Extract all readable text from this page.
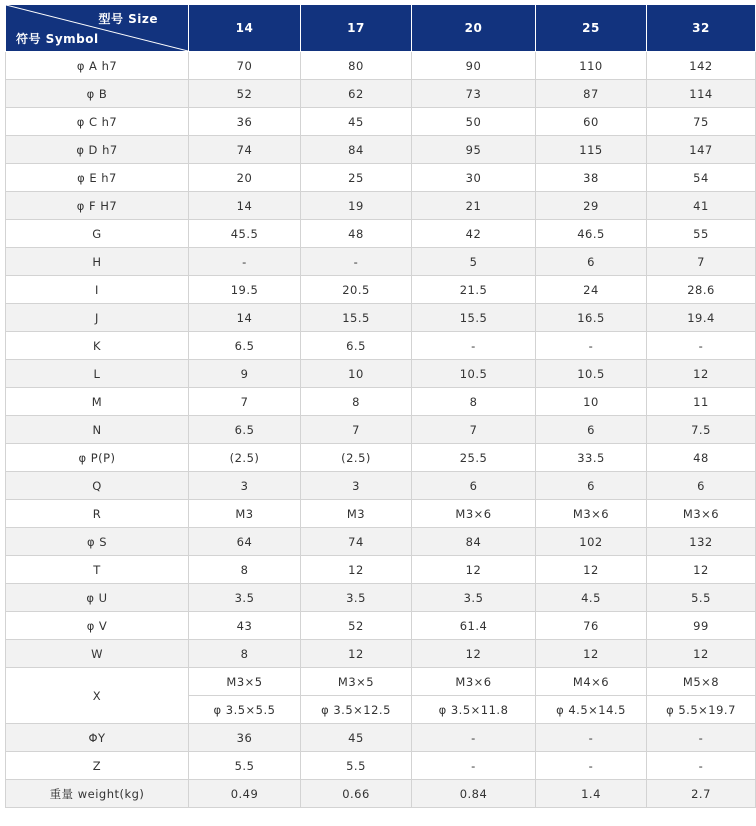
型号 Size
符号 Symbol	14	17	20	25	32
φ A h7	70	80	90	110	142
φ B	52	62	73	87	114
φ C h7	36	45	50	60	75
φ D h7	74	84	95	115	147
φ E h7	20	25	30	38	54
φ F H7	14	19	21	29	41
G	45.5	48	42	46.5	55
H	-	-	5	6	7
I	19.5	20.5	21.5	24	28.6
J	14	15.5	15.5	16.5	19.4
K	6.5	6.5	-	-	-
L	9	10	10.5	10.5	12
M	7	8	8	10	11
N	6.5	7	7	6	7.5
φ P(P)	(2.5)	(2.5)	25.5	33.5	48
Q	3	3	6	6	6
R	M3	M3	M3×6	M3×6	M3×6
φ S	64	74	84	102	132
T	8	12	12	12	12
φ U	3.5	3.5	3.5	4.5	5.5
φ V	43	52	61.4	76	99
W	8	12	12	12	12
X	M3×5	M3×5	M3×6	M4×6	M5×8
	φ 3.5×5.5	φ 3.5×12.5	φ 3.5×11.8	φ 4.5×14.5	φ 5.5×19.7
ΦY	36	45	-	-	-
Z	5.5	5.5	-	-	-
重量 weight(kg)	0.49	0.66	0.84	1.4	2.7
